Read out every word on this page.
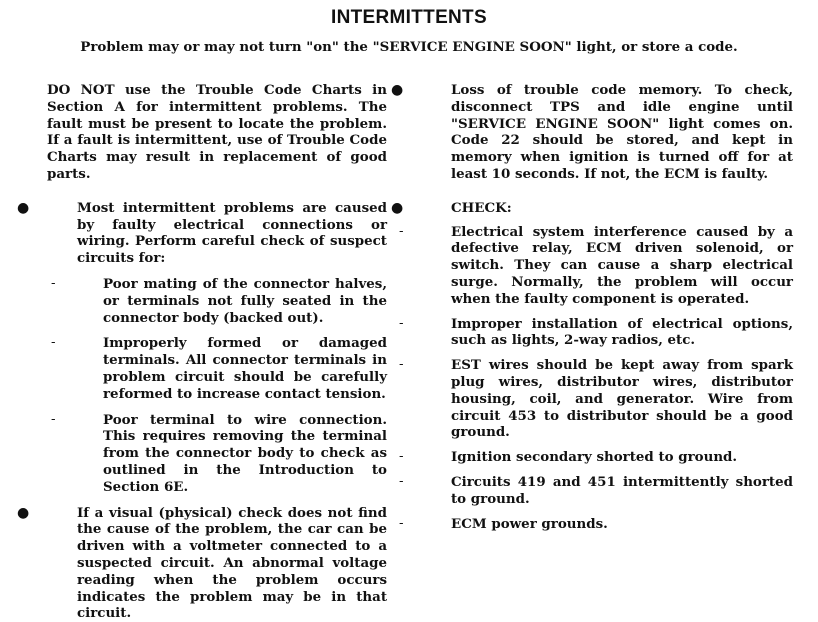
INTERMITTENTS
Problem may or may not turn "on" the "SERVICE ENGINE SOON" light, or store a code.

DO NOT use the Trouble Code Charts in Section A for intermittent problems. The fault must be present to locate the problem. If a fault is intermittent, use of Trouble Code Charts may result in replacement of good parts.

●	Most intermittent problems are caused by faulty electrical connections or wiring. Perform careful check of suspect circuits for:

-	Poor mating of the connector halves, or terminals not fully seated in the connector body (backed out).

-	Improperly formed or damaged terminals. All connector terminals in problem circuit should be carefully reformed to increase contact tension.

-	Poor terminal to wire connection. This requires removing the terminal from the connector body to check as outlined in the Introduction to Section 6E.

●	If a visual (physical) check does not find the cause of the problem, the car can be driven with a voltmeter connected to a suspected circuit. An abnormal voltage reading when the problem occurs indicates the problem may be in that circuit.

●	Loss of trouble code memory. To check, disconnect TPS and idle engine until "SERVICE ENGINE SOON" light comes on. Code 22 should be stored, and kept in memory when ignition is turned off for at least 10 seconds. If not, the ECM is faulty.

●	CHECK:

-	Electrical system interference caused by a defective relay, ECM driven solenoid, or switch. They can cause a sharp electrical surge. Normally, the problem will occur when the faulty component is operated.

-	Improper installation of electrical options, such as lights, 2-way radios, etc.

-	EST wires should be kept away from spark plug wires, distributor wires, distributor housing, coil, and generator. Wire from circuit 453 to distributor should be a good ground.

-	Ignition secondary shorted to ground.

-	Circuits 419 and 451 intermittently shorted to ground.

-	ECM power grounds.
